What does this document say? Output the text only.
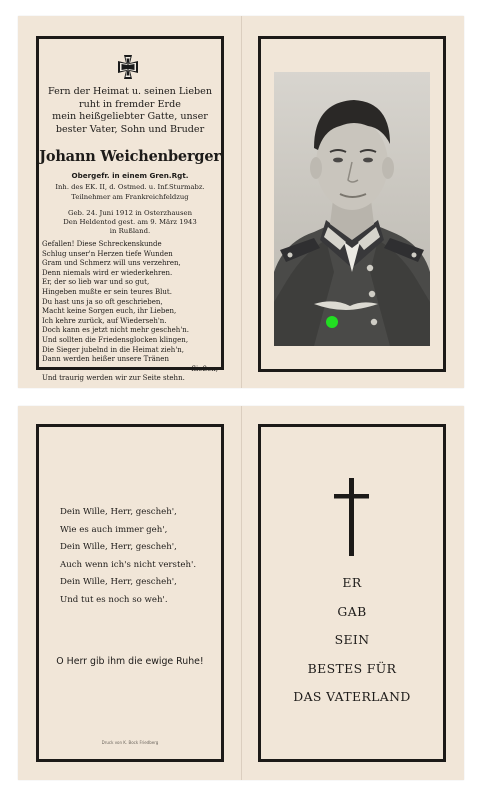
Fern der Heimat u. seinen Lieben
ruht in fremder Erde
mein heißgeliebter Gatte, unser
bester Vater, Sohn und Bruder
Johann Weichenberger
Obergefr. in einem Gren.Rgt.
Inh. des EK. II, d. Ostmed. u. Inf.Sturmabz.
Teilnehmer am Frankreichfeldzug
Geb. 24. Juni 1912 in Osterzhausen
Den Heldentod gest. am 9. März 1943
in Rußland.
Gefallen! Diese Schreckenskunde
Schlug unser'n Herzen tiefe Wunden
Gram und Schmerz will uns verzehren,
Denn niemals wird er wiederkehren.
Er, der so lieb war und so gut,
Hingeben mußte er sein teures Blut.
Du hast uns ja so oft geschrieben,
Macht keine Sorgen euch, ihr Lieben,
Ich kehre zurück, auf Wiederseh'n.
Doch kann es jetzt nicht mehr gescheh'n.
Und sollten die Friedensglocken klingen,
Die Sieger jubelnd in die Heimat zieh'n,
Dann werden heißer unsere Tränen
fließen,
Und traurig werden wir zur Seite stehn.
Dein Wille, Herr, gescheh',
Wie es auch immer geh',
Dein Wille, Herr, gescheh',
Auch wenn ich's nicht versteh'.
Dein Wille, Herr, gescheh',
Und tut es noch so weh'.
O Herr gib ihm die ewige Ruhe!
Druck von K. Bock Friedberg
ER
GAB
SEIN
BESTES FÜR
DAS VATERLAND
